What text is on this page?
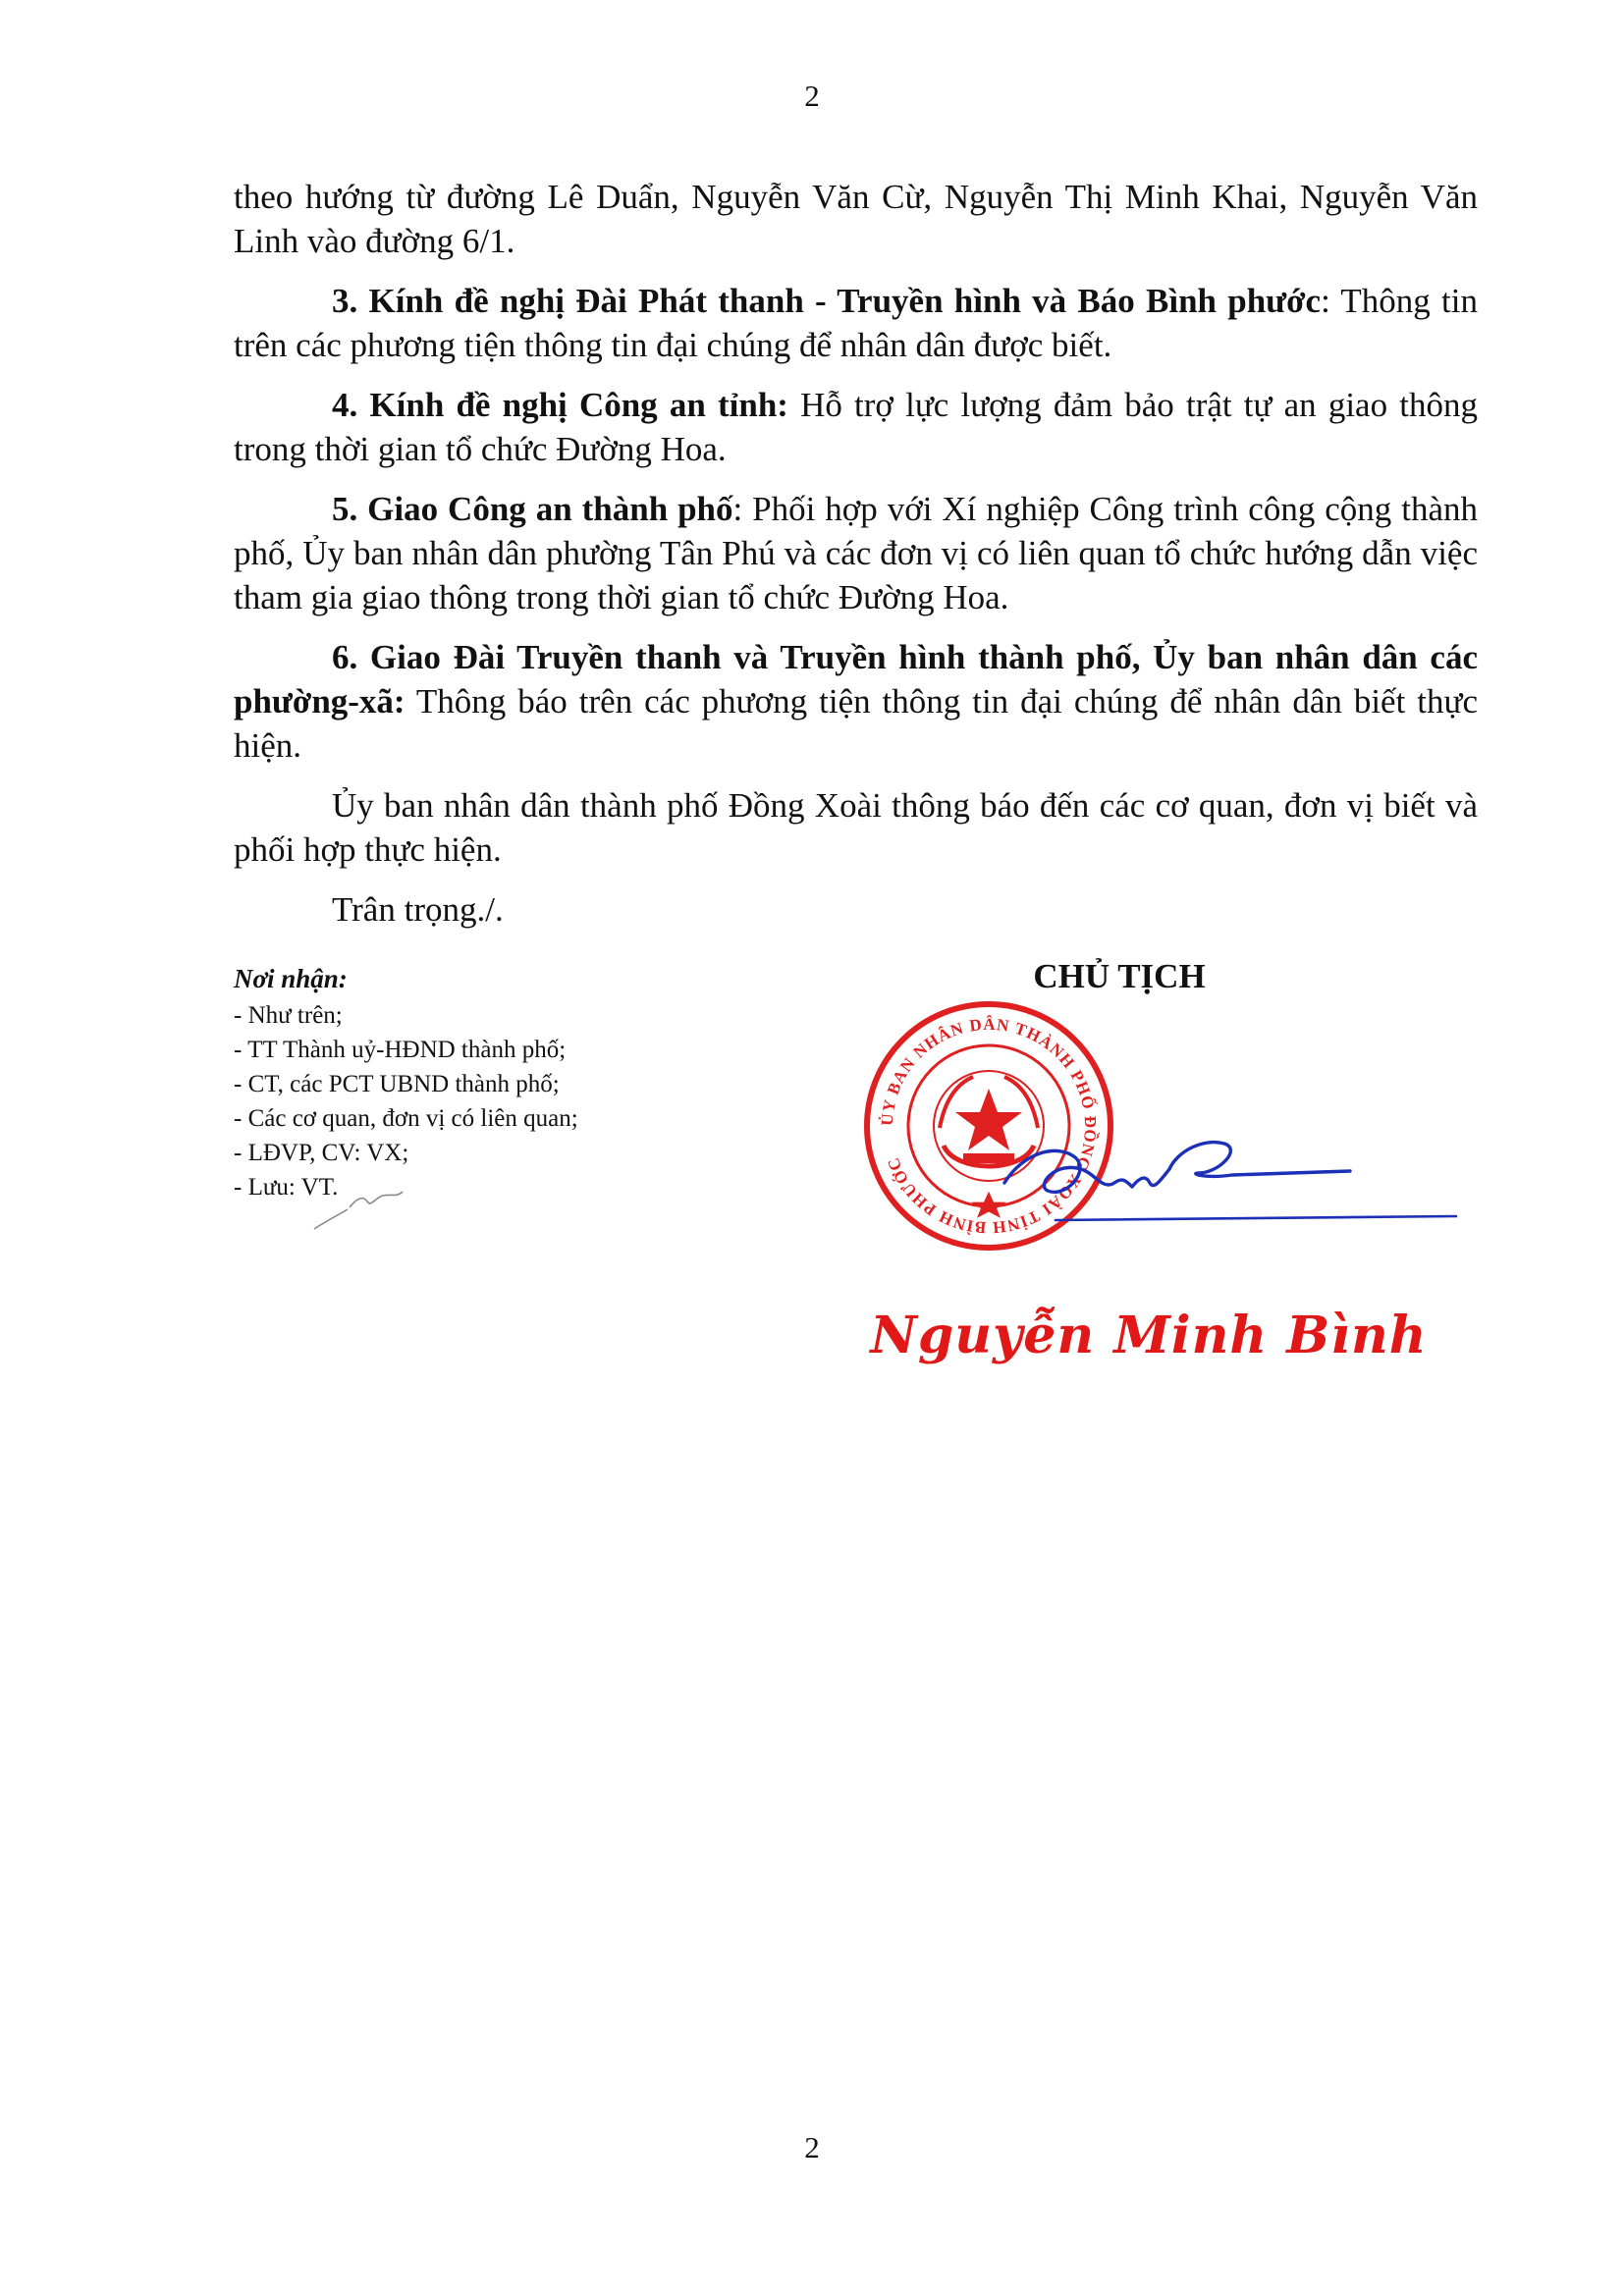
2

theo hướng từ đường Lê Duẩn, Nguyễn Văn Cừ, Nguyễn Thị Minh Khai, Nguyễn Văn Linh vào đường 6/1.

3. Kính đề nghị Đài Phát thanh - Truyền hình và Báo Bình phước: Thông tin trên các phương tiện thông tin đại chúng để nhân dân được biết.

4. Kính đề nghị Công an tỉnh: Hỗ trợ lực lượng đảm bảo trật tự an giao thông trong thời gian tổ chức Đường Hoa.

5. Giao Công an thành phố: Phối hợp với Xí nghiệp Công trình công cộng thành phố, Ủy ban nhân dân phường Tân Phú và các đơn vị có liên quan tổ chức hướng dẫn việc tham gia giao thông trong thời gian tổ chức Đường Hoa.

6. Giao Đài Truyền thanh và Truyền hình thành phố, Ủy ban nhân dân các phường-xã: Thông báo trên các phương tiện thông tin đại chúng để nhân dân biết thực hiện.

Ủy ban nhân dân thành phố Đồng Xoài thông báo đến các cơ quan, đơn vị biết và phối hợp thực hiện.

Trân trọng./.

Nơi nhận:
- Như trên;
- TT Thành uỷ-HĐND thành phố;
- CT, các PCT UBND thành phố;
- Các cơ quan, đơn vị có liên quan;
- LĐVP, CV: VX;
- Lưu: VT.
CHỦ TỊCH
ỦY BAN NHÂN DÂN THÀNH PHỐ ĐỒNG XOÀI TỈNH BÌNH PHƯỚC
Nguyễn Minh Bình
2
